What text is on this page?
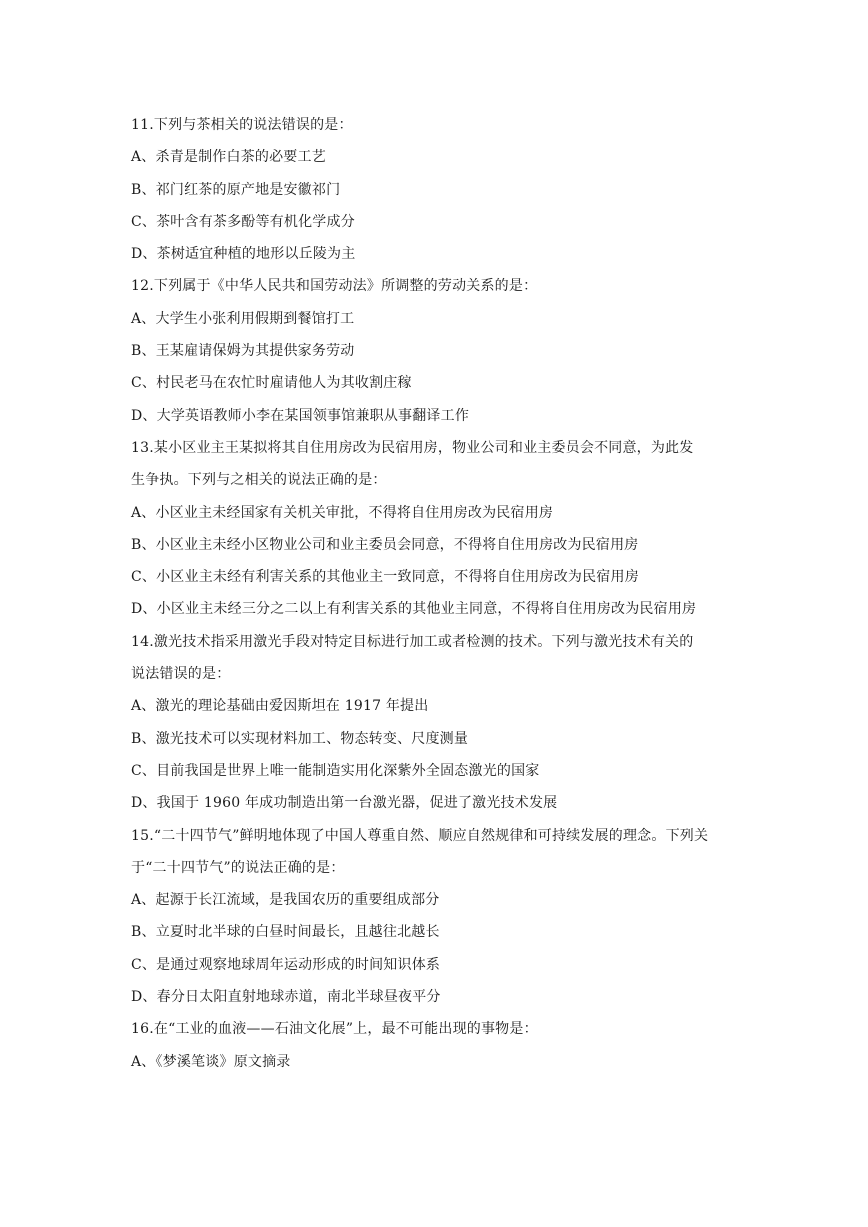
11.下列与茶相关的说法错误的是：
A、杀青是制作白茶的必要工艺
B、祁门红茶的原产地是安徽祁门
C、茶叶含有茶多酚等有机化学成分
D、茶树适宜种植的地形以丘陵为主
12.下列属于《中华人民共和国劳动法》所调整的劳动关系的是：
A、大学生小张利用假期到餐馆打工
B、王某雇请保姆为其提供家务劳动
C、村民老马在农忙时雇请他人为其收割庄稼
D、大学英语教师小李在某国领事馆兼职从事翻译工作
13.某小区业主王某拟将其自住用房改为民宿用房，物业公司和业主委员会不同意，为此发
生争执。下列与之相关的说法正确的是：
A、小区业主未经国家有关机关审批，不得将自住用房改为民宿用房
B、小区业主未经小区物业公司和业主委员会同意，不得将自住用房改为民宿用房
C、小区业主未经有利害关系的其他业主一致同意，不得将自住用房改为民宿用房
D、小区业主未经三分之二以上有利害关系的其他业主同意，不得将自住用房改为民宿用房
14.激光技术指采用激光手段对特定目标进行加工或者检测的技术。下列与激光技术有关的
说法错误的是：
A、激光的理论基础由爱因斯坦在 1917 年提出
B、激光技术可以实现材料加工、物态转变、尺度测量
C、目前我国是世界上唯一能制造实用化深紫外全固态激光的国家
D、我国于 1960 年成功制造出第一台激光器，促进了激光技术发展
15.“二十四节气”鲜明地体现了中国人尊重自然、顺应自然规律和可持续发展的理念。下列关
于“二十四节气”的说法正确的是：
A、起源于长江流域，是我国农历的重要组成部分
B、立夏时北半球的白昼时间最长，且越往北越长
C、是通过观察地球周年运动形成的时间知识体系
D、春分日太阳直射地球赤道，南北半球昼夜平分
16.在“工业的血液——石油文化展”上，最不可能出现的事物是：
A、《梦溪笔谈》原文摘录
